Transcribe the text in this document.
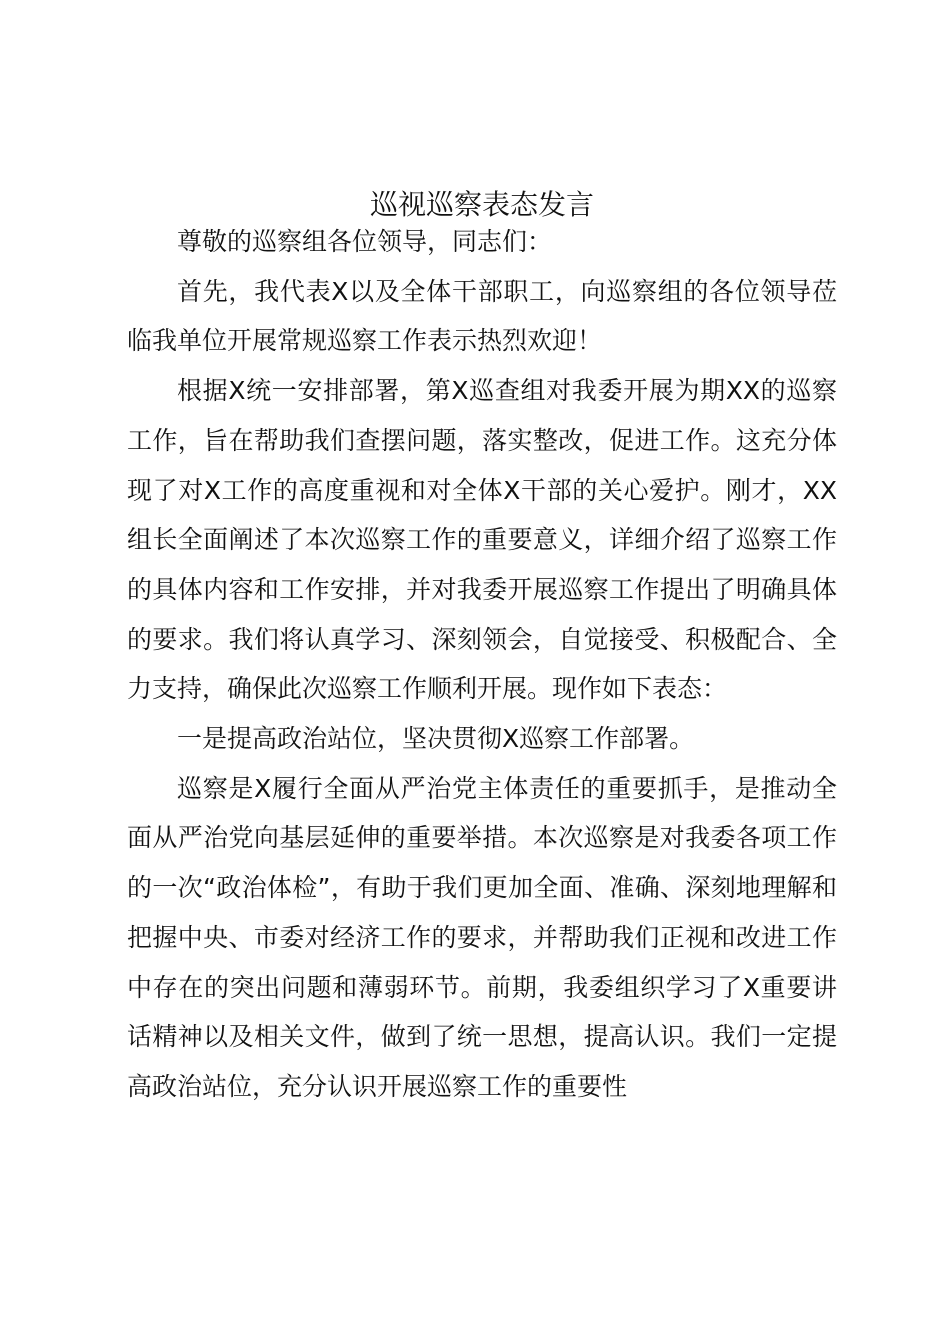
巡视巡察表态发言

尊敬的巡察组各位领导，同志们：

首先，我代表X以及全体干部职工，向巡察组的各位领导莅临我单位开展常规巡察工作表示热烈欢迎！

根据X统一安排部署，第X巡查组对我委开展为期XX的巡察工作，旨在帮助我们查摆问题，落实整改，促进工作。这充分体现了对X工作的高度重视和对全体X干部的关心爱护。刚才，XX组长全面阐述了本次巡察工作的重要意义，详细介绍了巡察工作的具体内容和工作安排，并对我委开展巡察工作提出了明确具体的要求。我们将认真学习、深刻领会，自觉接受、积极配合、全力支持，确保此次巡察工作顺利开展。现作如下表态：

一是提高政治站位，坚决贯彻X巡察工作部署。

巡察是X履行全面从严治党主体责任的重要抓手，是推动全面从严治党向基层延伸的重要举措。本次巡察是对我委各项工作的一次“政治体检”，有助于我们更加全面、准确、深刻地理解和把握中央、市委对经济工作的要求，并帮助我们正视和改进工作中存在的突出问题和薄弱环节。前期，我委组织学习了X重要讲话精神以及相关文件，做到了统一思想，提高认识。我们一定提高政治站位，充分认识开展巡察工作的重要性
